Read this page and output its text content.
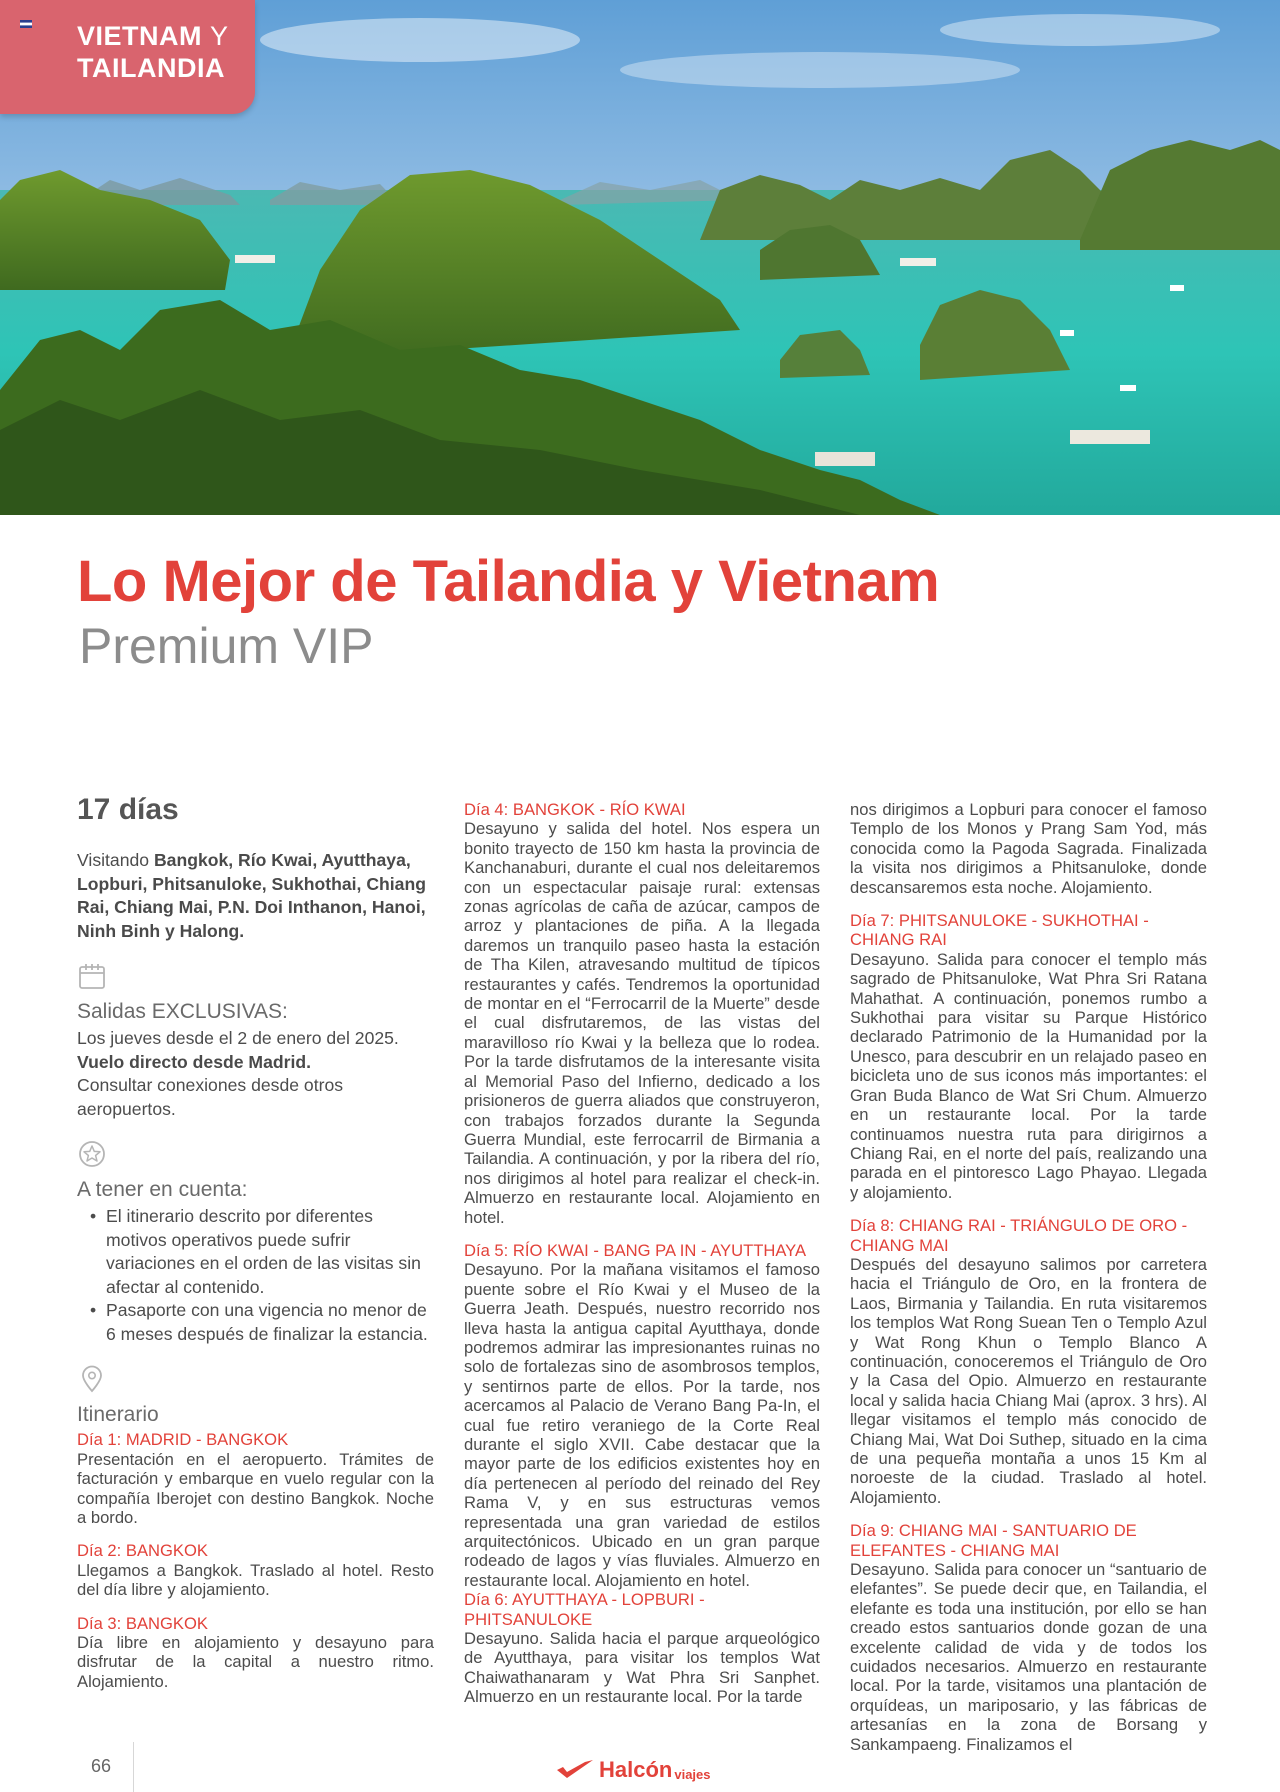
VIETNAM Y
TAILANDIA
Lo Mejor de Tailandia y Vietnam
Premium VIP
17 días

Visitando Bangkok, Río Kwai, Ayutthaya, Lopburi, Phitsanuloke, Sukhothai, Chiang Rai, Chiang Mai, P.N. Doi Inthanon, Hanoi, Ninh Binh y Halong.

Salidas EXCLUSIVAS:

Los jueves desde el 2 de enero del 2025.

Vuelo directo desde Madrid.

Consultar conexiones desde otros aeropuertos.

A tener en cuenta:
• El itinerario descrito por diferentes motivos operativos puede sufrir variaciones en el orden de las visitas sin afectar al contenido.
• Pasaporte con una vigencia no menor de 6 meses después de finalizar la estancia.
Itinerario
Día 1: MADRID - BANGKOK

Presentación en el aeropuerto. Trámites de facturación y embarque en vuelo regular con la compañía Iberojet con destino Bangkok. Noche a bordo.

Día 2: BANGKOK

Llegamos a Bangkok. Traslado al hotel. Resto del día libre y alojamiento.

Día 3: BANGKOK

Día libre en alojamiento y desayuno para disfrutar de la capital a nuestro ritmo. Alojamiento.

Día 4: BANGKOK - RÍO KWAI

Desayuno y salida del hotel. Nos espera un bonito trayecto de 150 km hasta la provincia de Kanchanaburi, durante el cual nos deleitaremos con un espectacular paisaje rural: extensas zonas agrícolas de caña de azúcar, campos de arroz y plantaciones de piña. A la llegada daremos un tranquilo paseo hasta la estación de Tha Kilen, atravesando multitud de típicos restaurantes y cafés. Tendremos la oportunidad de montar en el “Ferrocarril de la Muerte” desde el cual disfrutaremos, de las vistas del maravilloso río Kwai y la belleza que lo rodea. Por la tarde disfrutamos de la interesante visita al Memorial Paso del Infierno, dedicado a los prisioneros de guerra aliados que construyeron, con trabajos forzados durante la Segunda Guerra Mundial, este ferrocarril de Birmania a Tailandia. A continuación, y por la ribera del río, nos dirigimos al hotel para realizar el check-in. Almuerzo en restaurante local. Alojamiento en hotel.

Día 5: RÍO KWAI - BANG PA IN - AYUTTHAYA

Desayuno. Por la mañana visitamos el famoso puente sobre el Río Kwai y el Museo de la Guerra Jeath. Después, nuestro recorrido nos lleva hasta la antigua capital Ayutthaya, donde podremos admirar las impresionantes ruinas no solo de fortalezas sino de asombrosos templos, y sentirnos parte de ellos. Por la tarde, nos acercamos al Palacio de Verano Bang Pa-In, el cual fue retiro veraniego de la Corte Real durante el siglo XVII. Cabe destacar que la mayor parte de los edificios existentes hoy en día pertenecen al período del reinado del Rey Rama V, y en sus estructuras vemos representada una gran variedad de estilos arquitectónicos. Ubicado en un gran parque rodeado de lagos y vías fluviales. Almuerzo en restaurante local. Alojamiento en hotel.

Día 6: AYUTTHAYA - LOPBURI - PHITSANULOKE

Desayuno. Salida hacia el parque arqueológico de Ayutthaya, para visitar los templos Wat Chaiwathanaram y Wat Phra Sri Sanphet. Almuerzo en un restaurante local. Por la tarde

nos dirigimos a Lopburi para conocer el famoso Templo de los Monos y Prang Sam Yod, más conocida como la Pagoda Sagrada. Finalizada la visita nos dirigimos a Phitsanuloke, donde descansaremos esta noche. Alojamiento.

Día 7: PHITSANULOKE - SUKHOTHAI - CHIANG RAI

Desayuno. Salida para conocer el templo más sagrado de Phitsanuloke, Wat Phra Sri Ratana Mahathat. A continuación, ponemos rumbo a Sukhothai para visitar su Parque Histórico declarado Patrimonio de la Humanidad por la Unesco, para descubrir en un relajado paseo en bicicleta uno de sus iconos más importantes: el Gran Buda Blanco de Wat Sri Chum. Almuerzo en un restaurante local. Por la tarde continuamos nuestra ruta para dirigirnos a Chiang Rai, en el norte del país, realizando una parada en el pintoresco Lago Phayao. Llegada y alojamiento.

Día 8: CHIANG RAI - TRIÁNGULO DE ORO - CHIANG MAI

Después del desayuno salimos por carretera hacia el Triángulo de Oro, en la frontera de Laos, Birmania y Tailandia. En ruta visitaremos los templos Wat Rong Suean Ten o Templo Azul y Wat Rong Khun o Templo Blanco A continuación, conoceremos el Triángulo de Oro y la Casa del Opio. Almuerzo en restaurante local y salida hacia Chiang Mai (aprox. 3 hrs). Al llegar visitamos el templo más conocido de Chiang Mai, Wat Doi Suthep, situado en la cima de una pequeña montaña a unos 15 Km al noroeste de la ciudad. Traslado al hotel. Alojamiento.

Día 9: CHIANG MAI - SANTUARIO DE ELEFANTES - CHIANG MAI

Desayuno. Salida para conocer un “santuario de elefantes”. Se puede decir que, en Tailandia, el elefante es toda una institución, por ello se han creado estos santuarios donde gozan de una excelente calidad de vida y de todos los cuidados necesarios. Almuerzo en restaurante local. Por la tarde, visitamos una plantación de orquídeas, un mariposario, y las fábricas de artesanías en la zona de Borsang y Sankampaeng. Finalizamos el

66	Halcón viajes
